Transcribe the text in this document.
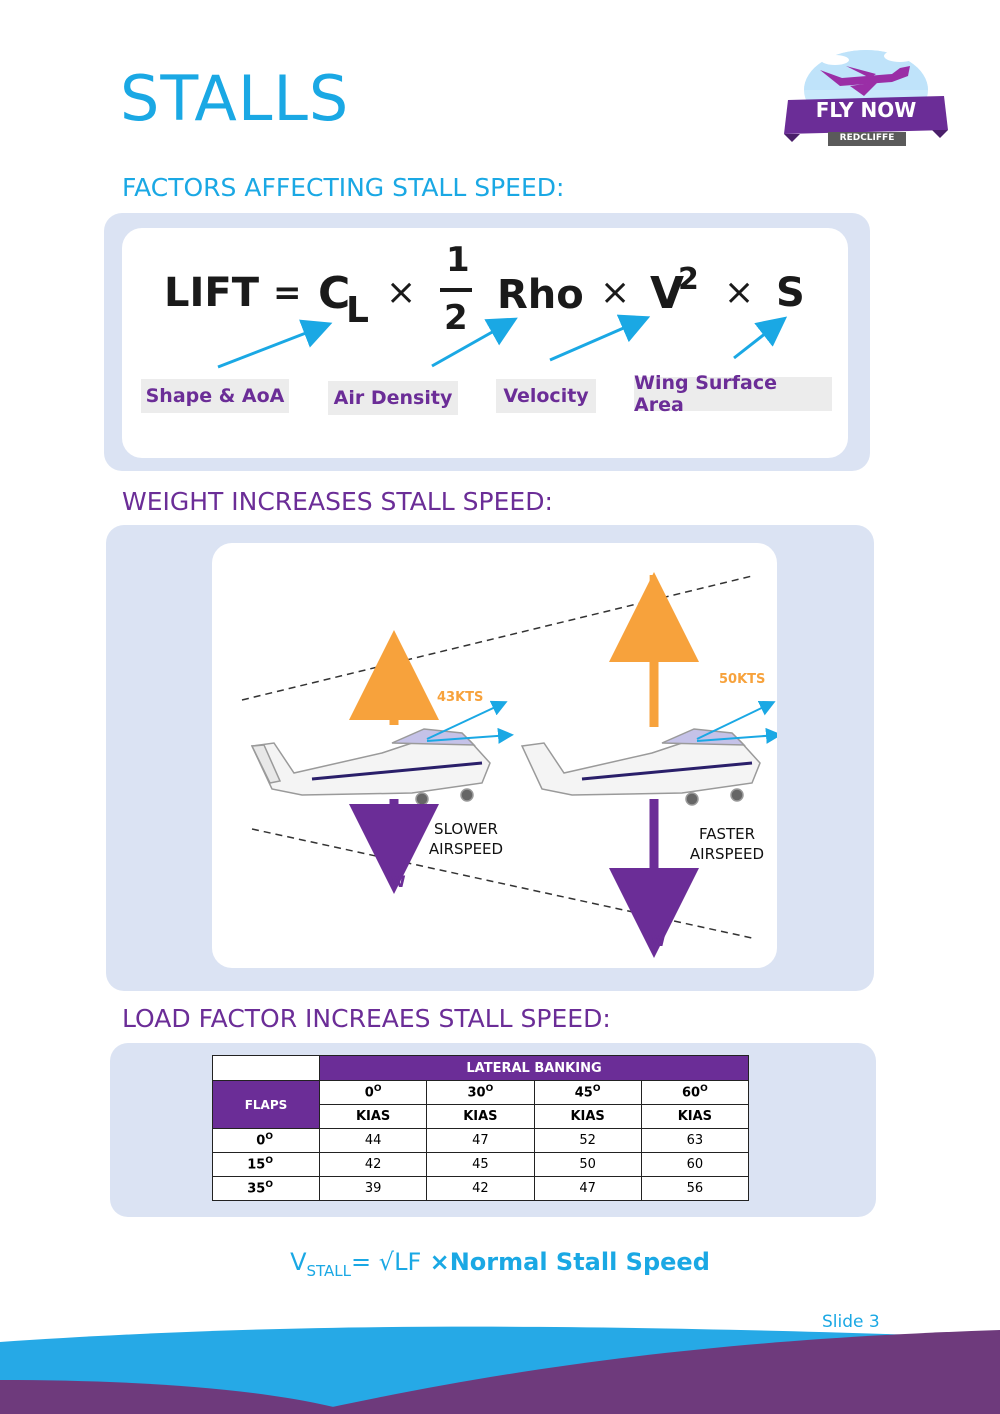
STALLS	FLY NOW
REDCLIFFE
FACTORS AFFECTING STALL SPEED:
LIFT = C
L ×
1
2 Rho × V
2 × S
Shape & AoA	Air Density	Velocity
Wing Surface Area
WEIGHT INCREASES STALL SPEED:
L
W
43KTS
SLOWER
AIRSPEED
L
W
50KTS
FASTER
AIRSPEED
LOAD FACTOR INCREAES STALL SPEED:
	LATERAL BANKING			
FLAPS	$0^O$	$30^O$	$45^O$	$60^O$
	KIAS	KIAS	KIAS	KIAS
$0^O$	44	47	52	63
$15^O$	42	45	50	60
$35^O$	39	42	47	56
$V_{STALL}= √LF$ ×Normal Stall Speed
Slide 3
